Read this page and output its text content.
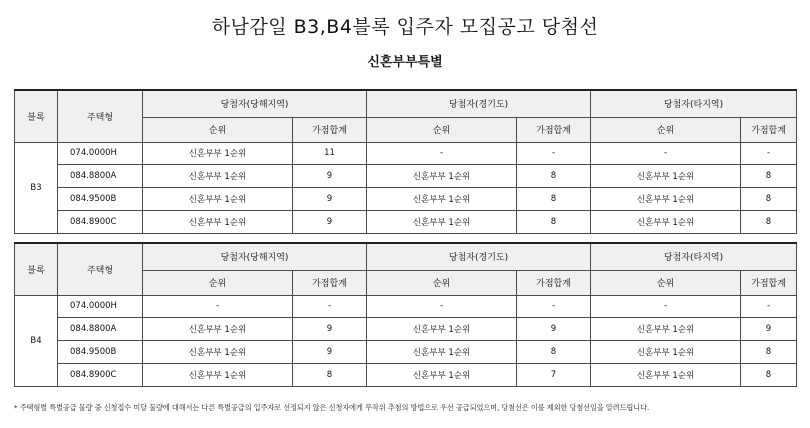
하남감일 B3,B4블록 입주자 모집공고 당첨선
신혼부부특별
블록	주택형	당첨자(당해지역)		당첨자(경기도)		당첨자(타지역)	
		순위	가점합계	순위	가점합계	순위	가점합계
B3	074.0000H	신혼부부 1순위	11	-	-	-	-
	084.8800A	신혼부부 1순위	9	신혼부부 1순위	8	신혼부부 1순위	8
	084.9500B	신혼부부 1순위	9	신혼부부 1순위	8	신혼부부 1순위	8
	084.8900C	신혼부부 1순위	9	신혼부부 1순위	8	신혼부부 1순위	8
블록	주택형	당첨자(당해지역)		당첨자(경기도)		당첨자(타지역)	
		순위	가점합계	순위	가점합계	순위	가점합계
B4	074.0000H	-	-	-	-	-	-
	084.8800A	신혼부부 1순위	9	신혼부부 1순위	9	신혼부부 1순위	9
	084.9500B	신혼부부 1순위	9	신혼부부 1순위	8	신혼부부 1순위	8
	084.8900C	신혼부부 1순위	8	신혼부부 1순위	7	신혼부부 1순위	8
* 주택형별 특별공급 물량 중 신청접수 미달 물량에 대해서는 다른 특별공급의 입주자로 선정되지 않은 신청자에게 무작위 추첨의 방법으로 우선 공급되었으며, 당첨선은 이를 제외한 당첨선임을 알려드립니다.
